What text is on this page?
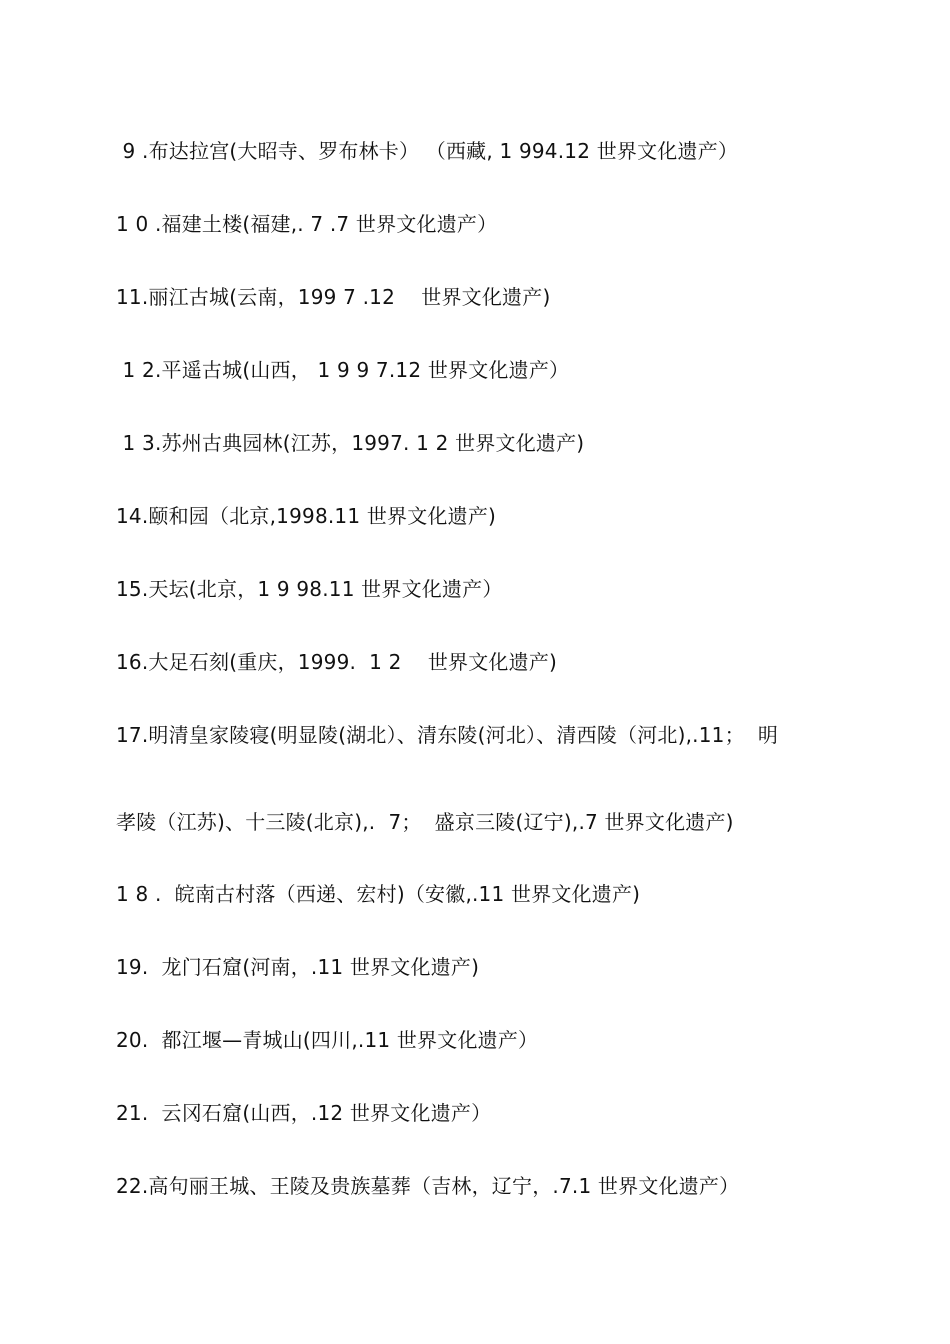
9 .布达拉宫(大昭寺、罗布林卡） （西藏, 1 994.12 世界文化遗产）
1 0 .福建土楼(福建,. 7 .7 世界文化遗产）
11.丽江古城(云南，199 7 .12    世界文化遗产)
1 2.平遥古城(山西， 1 9 9 7.12 世界文化遗产）
1 3.苏州古典园林(江苏，1997. 1 2 世界文化遗产)
14.颐和园（北京,1998.11 世界文化遗产)
15.天坛(北京，1 9 98.11 世界文化遗产）
16.大足石刻(重庆，1999.  1 2    世界文化遗产)
17.明清皇家陵寝(明显陵(湖北）、清东陵(河北）、清西陵（河北),.11；  明
孝陵（江苏)、十三陵(北京),.  7；  盛京三陵(辽宁),.7 世界文化遗产)
1 8 .  皖南古村落（西递、宏村)（安徽,.11 世界文化遗产)
19.  龙门石窟(河南，.11 世界文化遗产)
20.  都江堰—青城山(四川,.11 世界文化遗产）
21.  云冈石窟(山西，.12 世界文化遗产）
22.高句丽王城、王陵及贵族墓葬（吉林，辽宁，.7.1 世界文化遗产）
